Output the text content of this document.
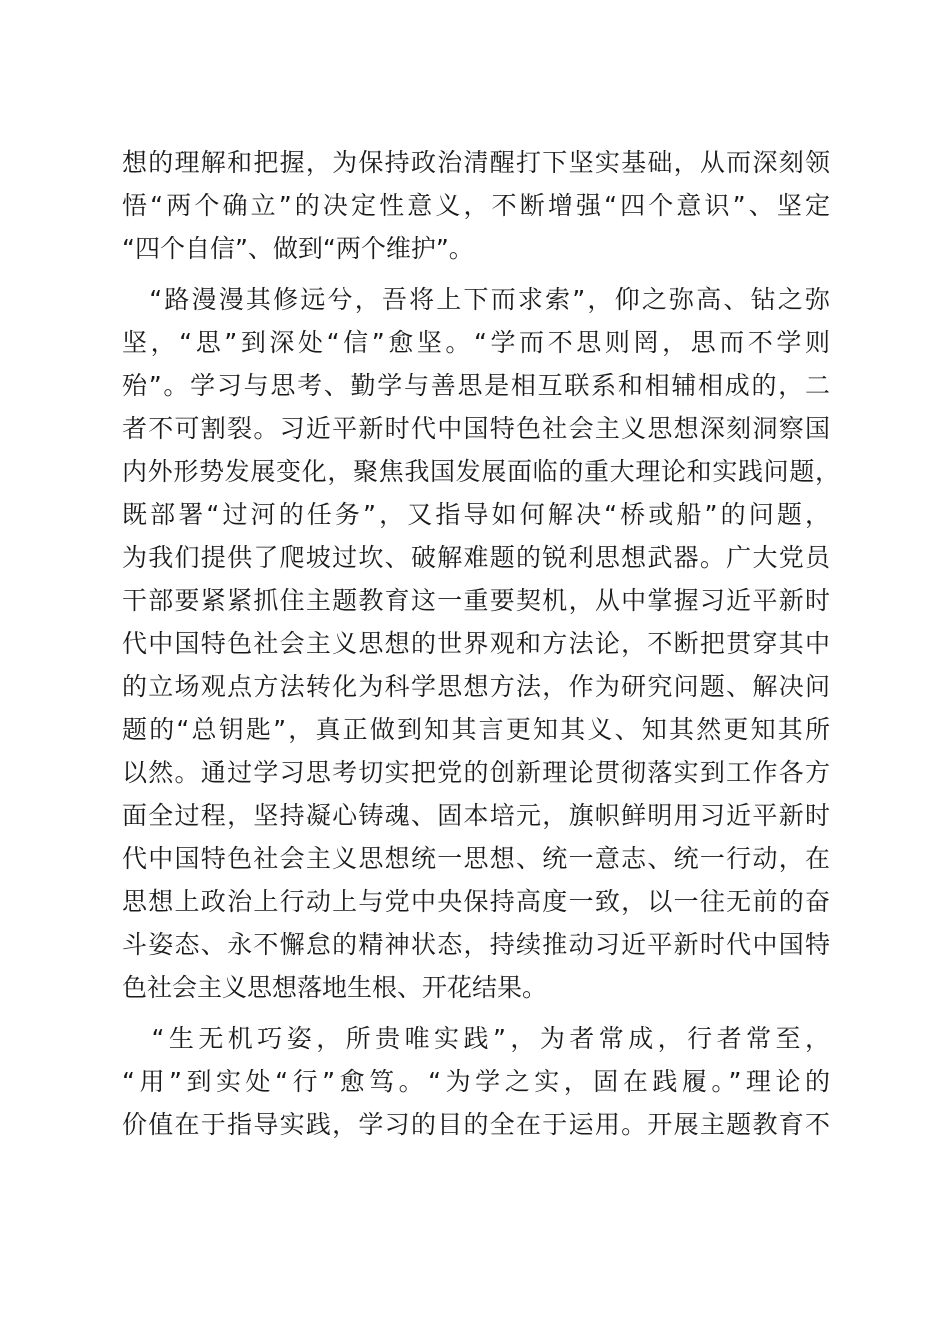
想的理解和把握，为保持政治清醒打下坚实基础，从而深刻领
悟“两个确立”的决定性意义，不断增强“四个意识”、坚定
“四个自信”、做到“两个维护”。
　“路漫漫其修远兮，吾将上下而求索”，仰之弥高、钻之弥
坚，“思”到深处“信”愈坚。“学而不思则罔，思而不学则
殆”。学习与思考、勤学与善思是相互联系和相辅相成的，二
者不可割裂。习近平新时代中国特色社会主义思想深刻洞察国
内外形势发展变化，聚焦我国发展面临的重大理论和实践问题，
既部署“过河的任务”，又指导如何解决“桥或船”的问题，
为我们提供了爬坡过坎、破解难题的锐利思想武器。广大党员
干部要紧紧抓住主题教育这一重要契机，从中掌握习近平新时
代中国特色社会主义思想的世界观和方法论，不断把贯穿其中
的立场观点方法转化为科学思想方法，作为研究问题、解决问
题的“总钥匙”，真正做到知其言更知其义、知其然更知其所
以然。通过学习思考切实把党的创新理论贯彻落实到工作各方
面全过程，坚持凝心铸魂、固本培元，旗帜鲜明用习近平新时
代中国特色社会主义思想统一思想、统一意志、统一行动，在
思想上政治上行动上与党中央保持高度一致，以一往无前的奋
斗姿态、永不懈怠的精神状态，持续推动习近平新时代中国特
色社会主义思想落地生根、开花结果。
　“生无机巧姿，所贵唯实践”，为者常成，行者常至，
“用”到实处“行”愈笃。“为学之实，固在践履。”理论的
价值在于指导实践，学习的目的全在于运用。开展主题教育不
